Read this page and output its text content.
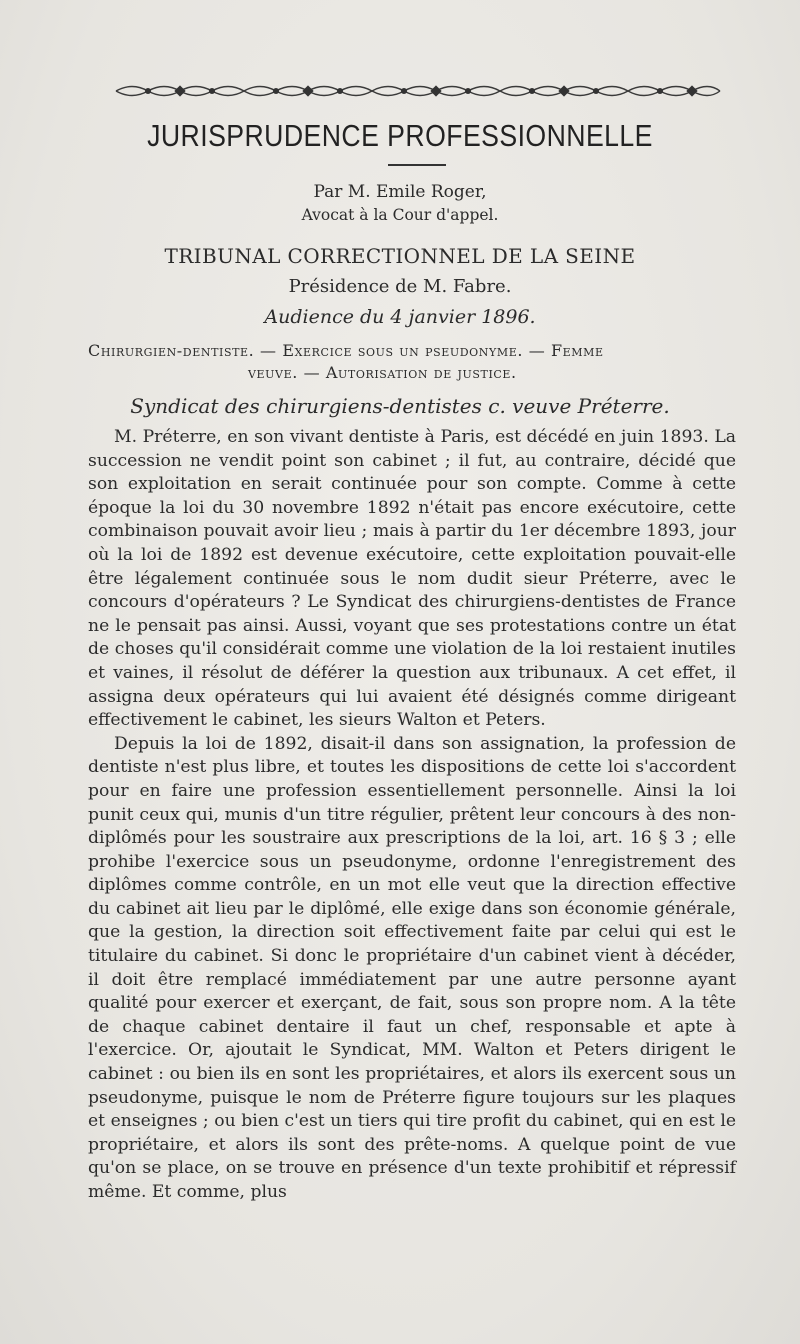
JURISPRUDENCE PROFESSIONNELLE
Par M. Emile Roger,
Avocat à la Cour d'appel.
TRIBUNAL CORRECTIONNEL DE LA SEINE
Présidence de M. Fabre.
Audience du 4 janvier 1896.
Chirurgien-dentiste. — Exercice sous un pseudonyme. — Femme
veuve. — Autorisation de justice.
Syndicat des chirurgiens-dentistes c. veuve Préterre.

M. Préterre, en son vivant dentiste à Paris, est décédé en juin 1893. La succession ne vendit point son cabinet ; il fut, au contraire, décidé que son exploitation en serait continuée pour son compte. Comme à cette époque la loi du 30 novembre 1892 n'était pas encore exécutoire, cette combinaison pouvait avoir lieu ; mais à partir du 1er décembre 1893, jour où la loi de 1892 est devenue exécutoire, cette exploitation pouvait-elle être légalement continuée sous le nom dudit sieur Préterre, avec le concours d'opérateurs ? Le Syndicat des chirurgiens-dentistes de France ne le pensait pas ainsi. Aussi, voyant que ses protestations contre un état de choses qu'il considérait comme une violation de la loi restaient inutiles et vaines, il résolut de déférer la question aux tribunaux. A cet effet, il assigna deux opérateurs qui lui avaient été désignés comme dirigeant effectivement le cabinet, les sieurs Walton et Peters.

Depuis la loi de 1892, disait-il dans son assignation, la profession de dentiste n'est plus libre, et toutes les dispositions de cette loi s'accordent pour en faire une profession essentiellement personnelle. Ainsi la loi punit ceux qui, munis d'un titre régulier, prêtent leur concours à des non-diplômés pour les soustraire aux prescriptions de la loi, art. 16 § 3 ; elle prohibe l'exercice sous un pseudonyme, ordonne l'enregistrement des diplômes comme contrôle, en un mot elle veut que la direction effective du cabinet ait lieu par le diplômé, elle exige dans son économie générale, que la gestion, la direction soit effectivement faite par celui qui est le titulaire du cabinet. Si donc le propriétaire d'un cabinet vient à décéder, il doit être remplacé immédiatement par une autre personne ayant qualité pour exercer et exerçant, de fait, sous son propre nom. A la tête de chaque cabinet dentaire il faut un chef, responsable et apte à l'exercice. Or, ajoutait le Syndicat, MM. Walton et Peters dirigent le cabinet : ou bien ils en sont les propriétaires, et alors ils exercent sous un pseudonyme, puisque le nom de Préterre figure toujours sur les plaques et enseignes ; ou bien c'est un tiers qui tire profit du cabinet, qui en est le propriétaire, et alors ils sont des prête-noms. A quelque point de vue qu'on se place, on se trouve en présence d'un texte prohibitif et répressif même. Et comme, plus
